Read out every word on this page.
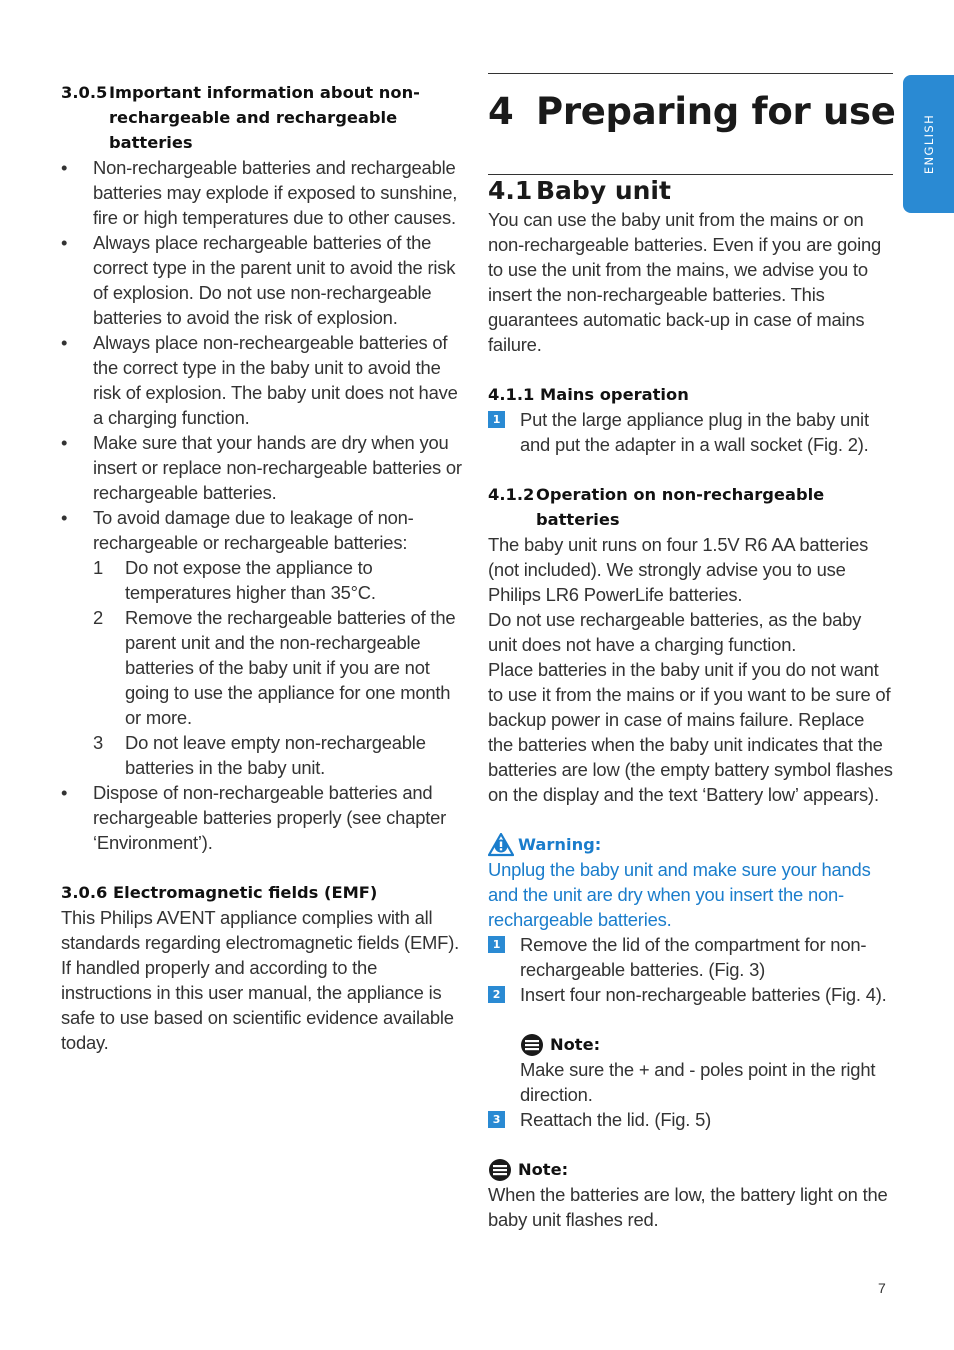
ENGLISH
3.0.5 Important information about non-
rechargeable and rechargeable
batteries
•	Non-rechargeable batteries and rechargeable batteries may explode if exposed to sunshine, fire or high temperatures due to other causes.
•	Always place rechargeable batteries of the correct type in the parent unit to avoid the risk of explosion. Do not use non-rechargeable batteries to avoid the risk of explosion.
•	Always place non-recheargeable batteries of the correct type in the baby unit to avoid the risk of explosion. The baby unit does not have a charging function.
•	Make sure that your hands are dry when you insert or replace non-rechargeable batteries or rechargeable batteries.
•	To avoid damage due to leakage of non-rechargeable or rechargeable batteries:
1	Do not expose the appliance to temperatures higher than 35°C.
2	Remove the rechargeable batteries of the parent unit and the non-rechargeable batteries of the baby unit if you are not going to use the appliance for one month or more.
3	Do not leave empty non-rechargeable batteries in the baby unit.
•	Dispose of non-rechargeable batteries and rechargeable batteries properly (see chapter ‘Environment’).
3.0.6 Electromagnetic fields (EMF)
This Philips AVENT appliance complies with all standards regarding electromagnetic fields (EMF). If handled properly and according to the instructions in this user manual, the appliance is safe to use based on scientific evidence available today.
4 Preparing for use
4.1 Baby unit
You can use the baby unit from the mains or on non-rechargeable batteries. Even if you are going to use the unit from the mains, we advise you to insert the non-rechargeable batteries. This guarantees automatic back-up in case of mains failure.
4.1.1 Mains operation
1 Put the large appliance plug in the baby unit and put the adapter in a wall socket (Fig. 2).
4.1.2 Operation on non-rechargeable
batteries
The baby unit runs on four 1.5V R6 AA batteries (not included). We strongly advise you to use Philips LR6 PowerLife batteries.
Do not use rechargeable batteries, as the baby unit does not have a charging function.
Place batteries in the baby unit if you do not want to use it from the mains or if you want to be sure of backup power in case of mains failure. Replace the batteries when the baby unit indicates that the batteries are low (the empty battery symbol flashes on the display and the text ‘Battery low’ appears).
Warning:
Unplug the baby unit and make sure your hands and the unit are dry when you insert the non-rechargeable batteries.
1 Remove the lid of the compartment for non-rechargeable batteries. (Fig. 3)
2 Insert four non-rechargeable batteries (Fig. 4).
Note:
Make sure the + and - poles point in the right direction.
3 Reattach the lid. (Fig. 5)
Note:
When the batteries are low, the battery light on the baby unit flashes red.
7
